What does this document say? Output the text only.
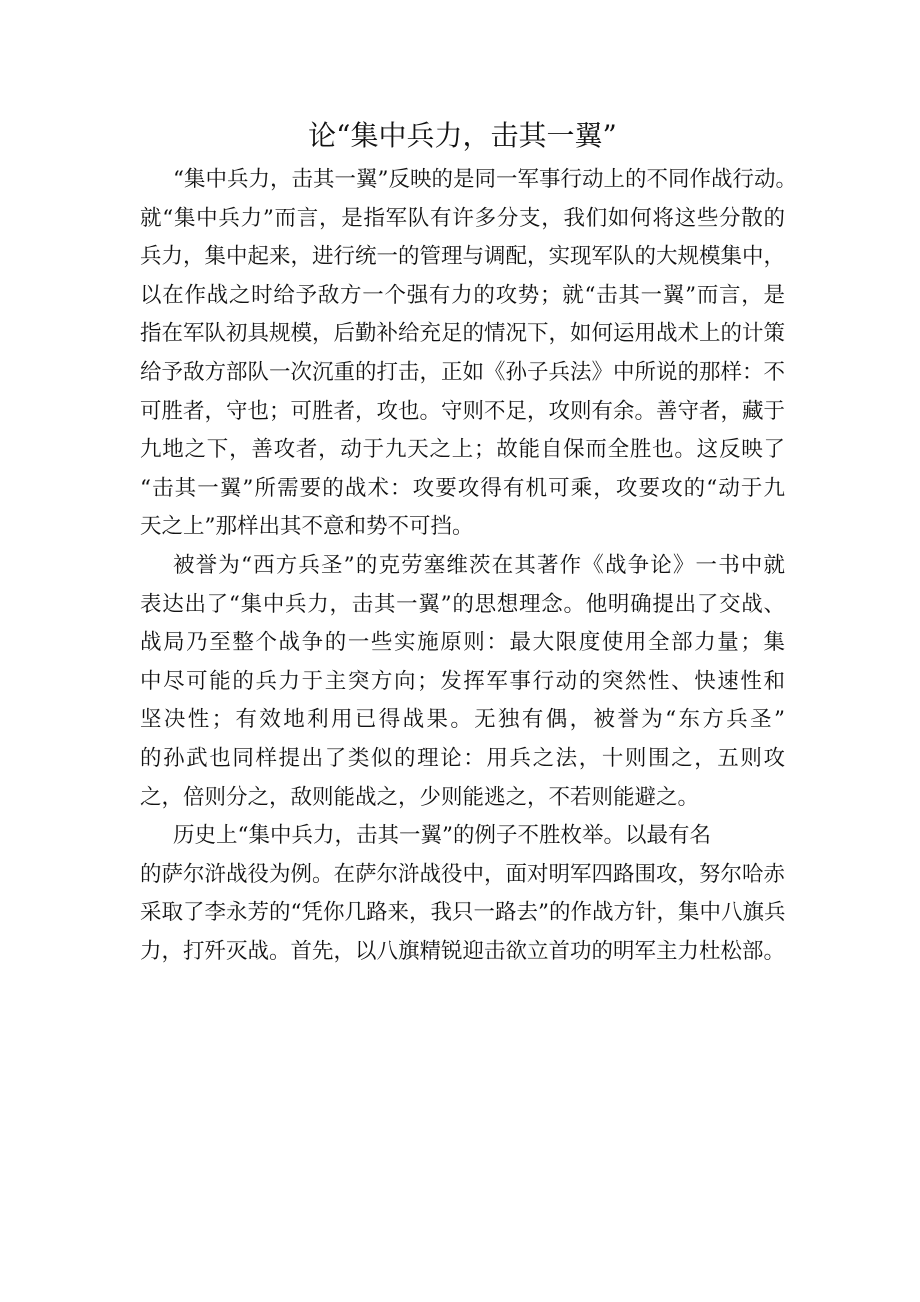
论“集中兵力，击其一翼”

“集中兵力，击其一翼”反映的是同一军事行动上的不同作战行动。
就“集中兵力”而言，是指军队有许多分支，我们如何将这些分散的
兵力，集中起来，进行统一的管理与调配，实现军队的大规模集中，
以在作战之时给予敌方一个强有力的攻势；就“击其一翼”而言，是
指在军队初具规模，后勤补给充足的情况下，如何运用战术上的计策
给予敌方部队一次沉重的打击，正如《孙子兵法》中所说的那样：不
可胜者，守也；可胜者，攻也。守则不足，攻则有余。善守者，藏于
九地之下，善攻者，动于九天之上；故能自保而全胜也。这反映了
“击其一翼”所需要的战术：攻要攻得有机可乘，攻要攻的“动于九
天之上”那样出其不意和势不可挡。

被誉为“西方兵圣”的克劳塞维茨在其著作《战争论》一书中就
表达出了“集中兵力，击其一翼”的思想理念。他明确提出了交战、
战局乃至整个战争的一些实施原则：最大限度使用全部力量；集
中尽可能的兵力于主突方向；发挥军事行动的突然性、快速性和
坚决性；有效地利用已得战果。无独有偶，被誉为“东方兵圣”
的孙武也同样提出了类似的理论：用兵之法，十则围之，五则攻
之，倍则分之，敌则能战之，少则能逃之，不若则能避之。

历史上“集中兵力，击其一翼”的例子不胜枚举。以最有名
的萨尔浒战役为例。在萨尔浒战役中，面对明军四路围攻，努尔哈赤
采取了李永芳的“凭你几路来，我只一路去”的作战方针，集中八旗兵
力，打歼灭战。首先，以八旗精锐迎击欲立首功的明军主力杜松部。
